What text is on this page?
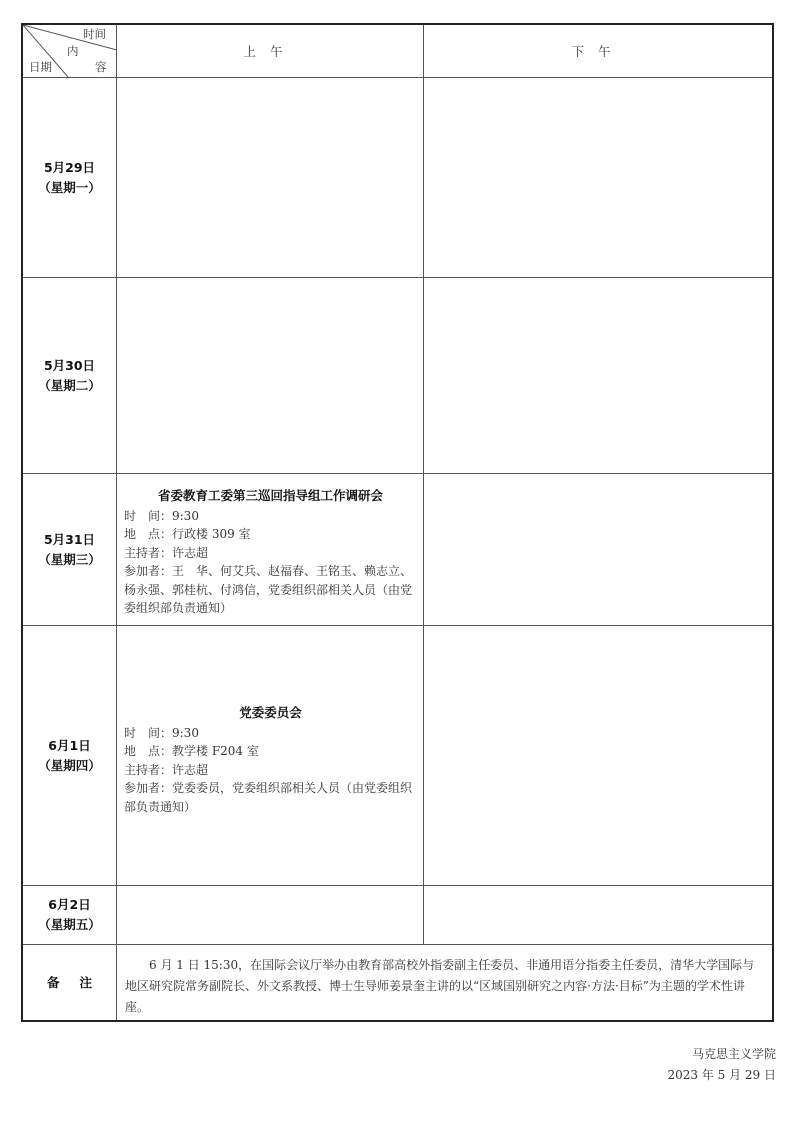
时间
内
容
日期
上午	下午
5月29日
（星期一）
5月30日
（星期二）
5月31日
（星期三）
省委教育工委第三巡回指导组工作调研会

时　间：9:30

地　点：行政楼 309 室

主持者：许志超

参加者：王　华、何艾兵、赵福春、王铭玉、赖志立、杨永强、郭桂杭、付鸿信，党委组织部相关人员（由党委组织部负责通知）

6月1日
（星期四）
党委委员会

时　间：9:30

地　点：教学楼 F204 室

主持者：许志超

参加者：党委委员，党委组织部相关人员（由党委组织部负责通知）

6月2日
（星期五）
备注
6 月 1 日 15:30，在国际会议厅举办由教育部高校外指委副主任委员、非通用语分指委主任委员，清华大学国际与地区研究院常务副院长、外文系教授、博士生导师姜景奎主讲的以“区域国别研究之内容·方法·目标”为主题的学术性讲座。
马克思主义学院
2023 年 5 月 29 日
